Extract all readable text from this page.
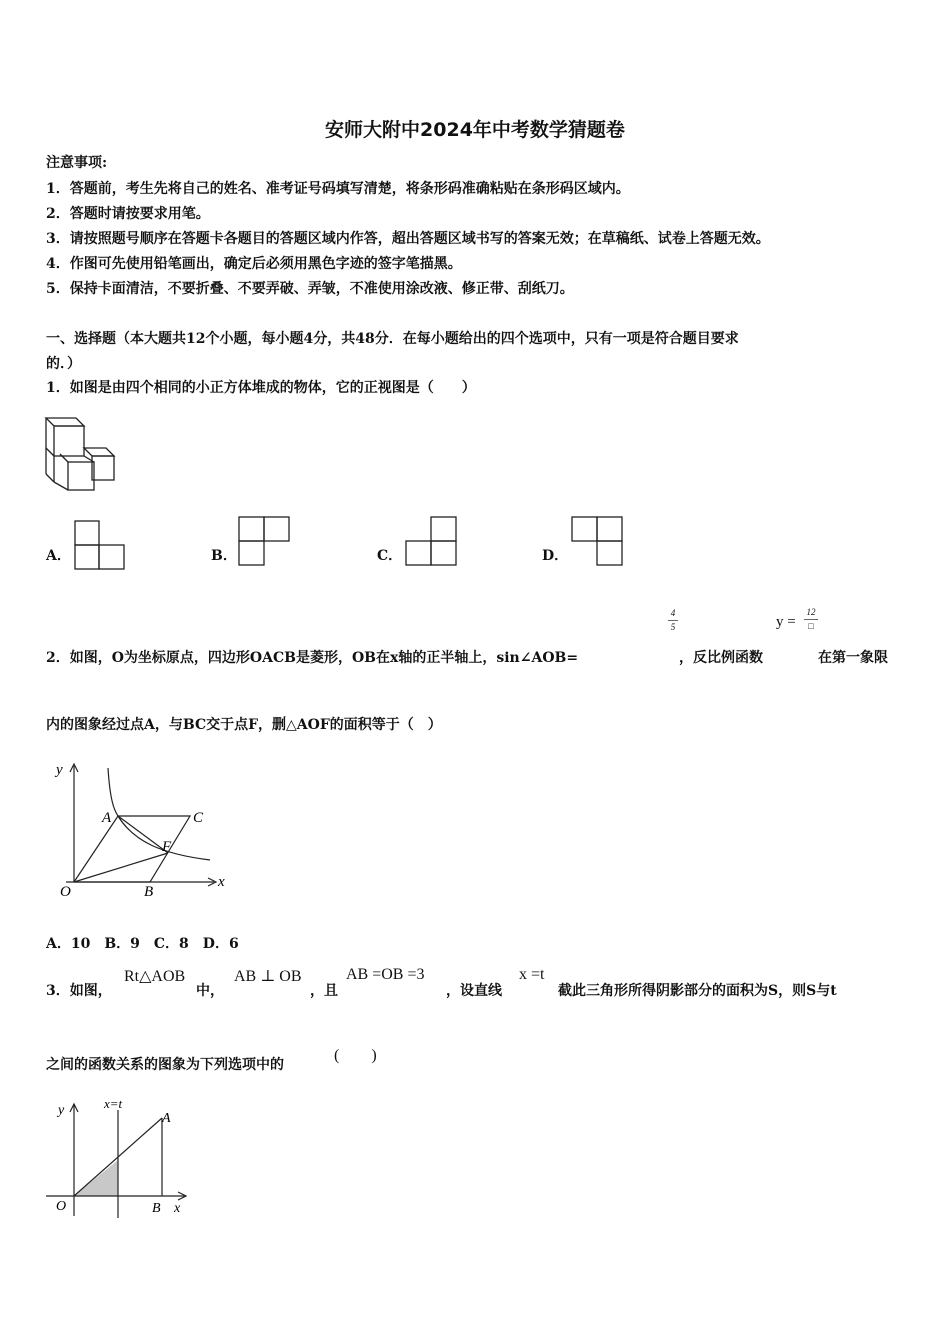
安师大附中2024年中考数学猜题卷
注意事项:
1．答题前，考生先将自己的姓名、准考证号码填写清楚，将条形码准确粘贴在条形码区域内。
2．答题时请按要求用笔。
3．请按照题号顺序在答题卡各题目的答题区域内作答，超出答题区域书写的答案无效；在草稿纸、试卷上答题无效。
4．作图可先使用铅笔画出，确定后必须用黑色字迹的签字笔描黑。
5．保持卡面清洁，不要折叠、不要弄破、弄皱，不准使用涂改液、修正带、刮纸刀。
一、选择题（本大题共12个小题，每小题4分，共48分．在每小题给出的四个选项中，只有一项是符合题目要求
的．）
1．如图是由四个相同的小正方体堆成的物体，它的正视图是（　　）
A．	B．	C．	D．
4
5	y =
12
□
2．如图，O为坐标原点，四边形OACB是菱形，OB在x轴的正半轴上，sin∠AOB=	，反比例函数	在第一象限
内的图象经过点A，与BC交于点F，删△AOF的面积等于（　）
y
x
O
A	C
F
B
A．10　B．9　C．8　D．6
3．如图，
Rt△AOB
中，
AB ⊥ OB
，且
AB =OB =3
，设直线
x =t
截此三角形所得阴影部分的面积为S，则S与t
之间的函数关系的图象为下列选项中的
(　　)
y	x=t
A
O	B x
